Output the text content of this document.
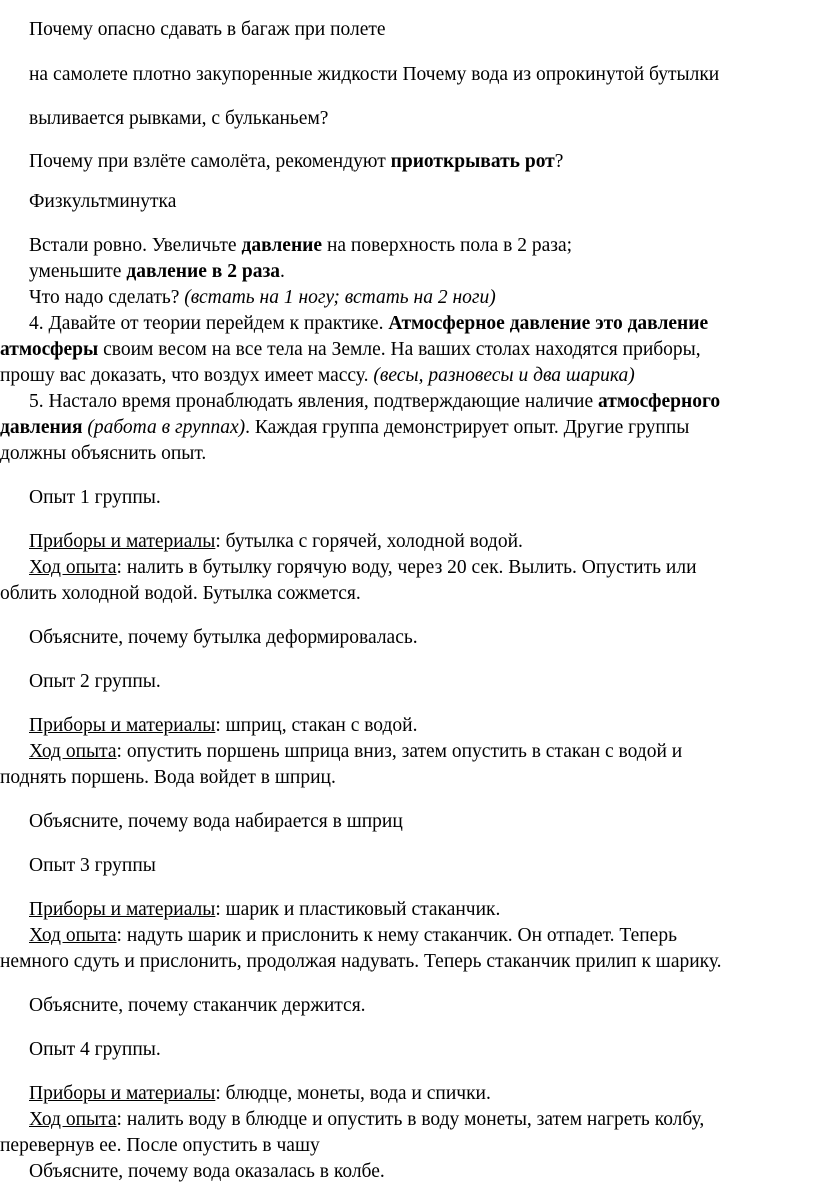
Почему опасно сдавать в багаж при полете
на самолете плотно закупоренные жидкости Почему вода из опрокинутой бутылки
выливается рывками, с бульканьем?
Почему при взлёте самолёта, рекомендуют приоткрывать рот?
Физкультминутка
Встали ровно. Увеличьте давление на поверхность пола в 2 раза;
уменьшите давление в 2 раза.
Что надо сделать? (встать на 1 ногу; встать на 2 ноги)
4. Давайте от теории перейдем к практике. Атмосферное давление это давление
атмосферы своим весом на все тела на Земле. На ваших столах находятся приборы,
прошу вас доказать, что воздух имеет массу. (весы, разновесы и два шарика)
5. Настало время пронаблюдать явления, подтверждающие наличие атмосферного
давления (работа в группах). Каждая группа демонстрирует опыт. Другие группы
должны объяснить опыт.
Опыт 1 группы.
Приборы и материалы: бутылка с горячей, холодной водой.
Ход опыта: налить в бутылку горячую воду, через 20 сек. Вылить. Опустить или
облить холодной водой. Бутылка сожмется.
Объясните, почему бутылка деформировалась.
Опыт 2 группы.
Приборы и материалы: шприц, стакан с водой.
Ход опыта: опустить поршень шприца вниз, затем опустить в стакан с водой и
поднять поршень. Вода войдет в шприц.
Объясните, почему вода набирается в шприц
Опыт 3 группы
Приборы и материалы: шарик и пластиковый стаканчик.
Ход опыта: надуть шарик и прислонить к нему стаканчик. Он отпадет. Теперь
немного сдуть и прислонить, продолжая надувать. Теперь стаканчик прилип к шарику.
Объясните, почему стаканчик держится.
Опыт 4 группы.
Приборы и материалы: блюдце, монеты, вода и спички.
Ход опыта: налить воду в блюдце и опустить в воду монеты, затем нагреть колбу,
перевернув ее. После опустить в чашу
Объясните, почему вода оказалась в колбе.
